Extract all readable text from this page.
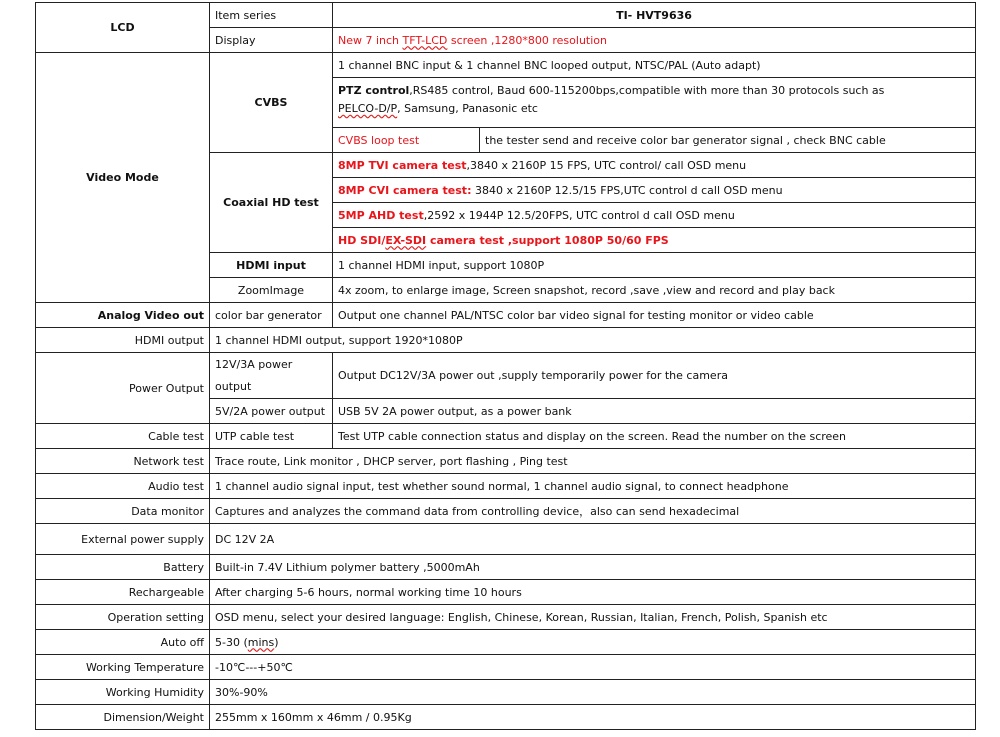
LCD	Item series	TI- HVT9636	
	Display	New 7 inch TFT-LCD screen ,1280*800 resolution	
Video Mode	CVBS	1 channel BNC input & 1 channel BNC looped output, NTSC/PAL (Auto adapt)	
		PTZ control,RS485 control, Baud 600-115200bps,compatible with more than 30 protocols such as
PELCO-D/P, Samsung, Panasonic etc	
		CVBS loop test	the tester send and receive color bar generator signal , check BNC cable
	Coaxial HD test	8MP TVI camera test,3840 x 2160P 15 FPS, UTC control/ call OSD menu	
		8MP CVI camera test: 3840 x 2160P 12.5/15 FPS,UTC control d call OSD menu	
		5MP AHD test,2592 x 1944P 12.5/20FPS, UTC control d call OSD menu	
		HD SDI/EX-SDI camera test ,support 1080P 50/60 FPS	
	HDMI input	1 channel HDMI input, support 1080P	
	ZoomImage	4x zoom, to enlarge image, Screen snapshot, record ,save ,view and record and play back	
Analog Video out	color bar generator	Output one channel PAL/NTSC color bar video signal for testing monitor or video cable	
HDMI output	1 channel HDMI output, support 1920*1080P		
Power Output	12V/3A power output	Output DC12V/3A power out ,supply temporarily power for the camera	
	5V/2A power output	USB 5V 2A power output, as a power bank	
Cable test	UTP cable test	Test UTP cable connection status and display on the screen. Read the number on the screen	
Network test	Trace route, Link monitor , DHCP server, port flashing , Ping test		
Audio test	1 channel audio signal input, test whether sound normal, 1 channel audio signal, to connect headphone		
Data monitor	Captures and analyzes the command data from controlling device，also can send hexadecimal		
External power supply	DC 12V 2A		
Battery	Built-in 7.4V Lithium polymer battery ,5000mAh		
Rechargeable	After charging 5-6 hours, normal working time 10 hours		
Operation setting	OSD menu, select your desired language: English, Chinese, Korean, Russian, Italian, French, Polish, Spanish etc		
Auto off	5-30 (mins)		
Working Temperature	-10℃---+50℃		
Working Humidity	30%-90%		
Dimension/Weight	255mm x 160mm x 46mm / 0.95Kg		
